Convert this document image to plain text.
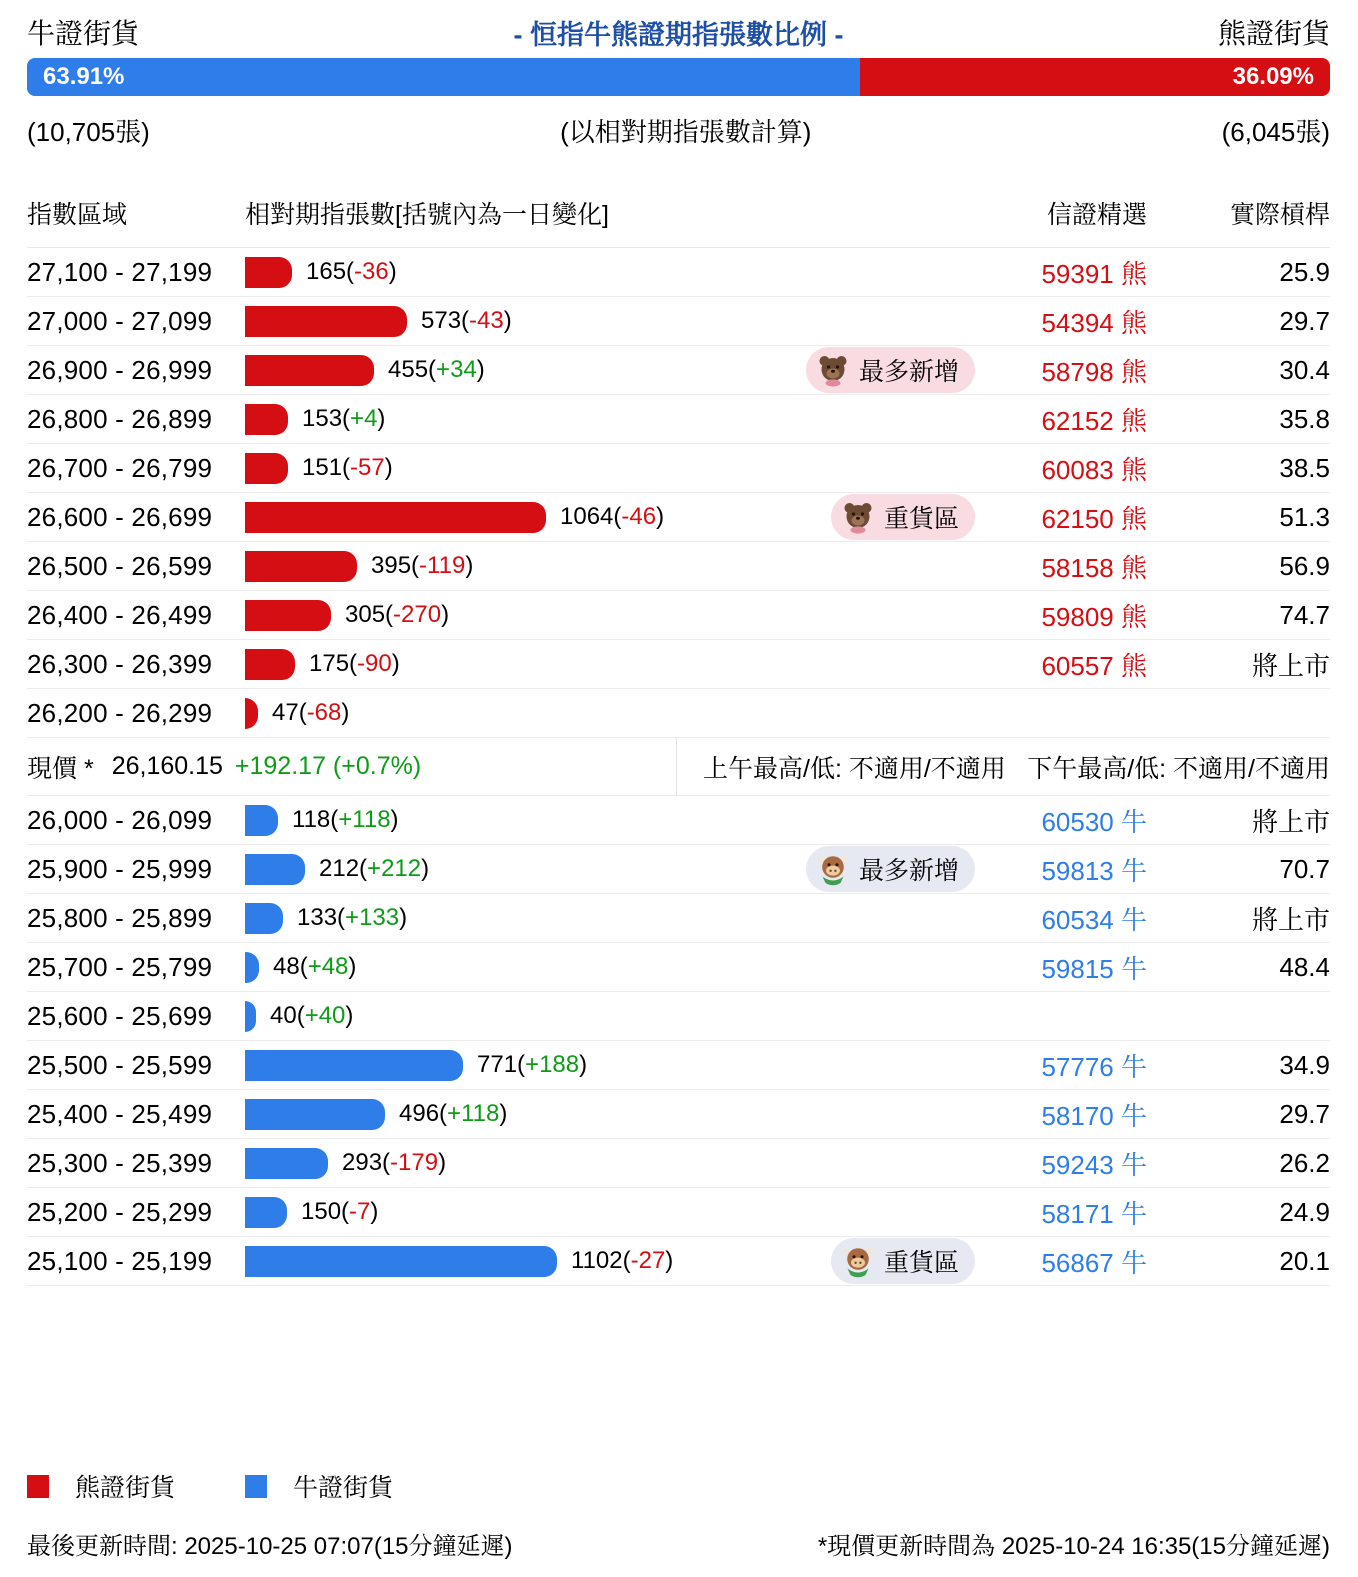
牛證街貨	- 恒指牛熊證期指張數比例 -	熊證街貨
63.91%	36.09%
(10,705張)	(以相對期指張數計算)	(6,045張)
指數區域	相對期指張數[括號內為一日變化]	信證精選	實際槓桿
27,100 - 27,199	165(-36)	59391 熊	25.9
27,000 - 27,099	573(-43)	54394 熊	29.7
26,900 - 26,999	455(+34)	最多新增	58798 熊	30.4
26,800 - 26,899	153(+4)	62152 熊	35.8
26,700 - 26,799	151(-57)	60083 熊	38.5
26,600 - 26,699	1064(-46)	重貨區	62150 熊	51.3
26,500 - 26,599	395(-119)	58158 熊	56.9
26,400 - 26,499	305(-270)	59809 熊	74.7
26,300 - 26,399	175(-90)	60557 熊	將上市
26,200 - 26,299	47(-68)
現價 * 26,160.15 +192.17 (+0.7%)	上午最高/低: 不適用/不適用 下午最高/低: 不適用/不適用
26,000 - 26,099	118(+118)	60530 牛	將上市
25,900 - 25,999	212(+212)	最多新增	59813 牛	70.7
25,800 - 25,899	133(+133)	60534 牛	將上市
25,700 - 25,799	48(+48)	59815 牛	48.4
25,600 - 25,699	40(+40)
25,500 - 25,599	771(+188)	57776 牛	34.9
25,400 - 25,499	496(+118)	58170 牛	29.7
25,300 - 25,399	293(-179)	59243 牛	26.2
25,200 - 25,299	150(-7)	58171 牛	24.9
25,100 - 25,199	1102(-27)	重貨區	56867 牛	20.1
熊證街貨	牛證街貨
最後更新時間: 2025-10-25 07:07(15分鐘延遲)	*現價更新時間為 2025-10-24 16:35(15分鐘延遲)
